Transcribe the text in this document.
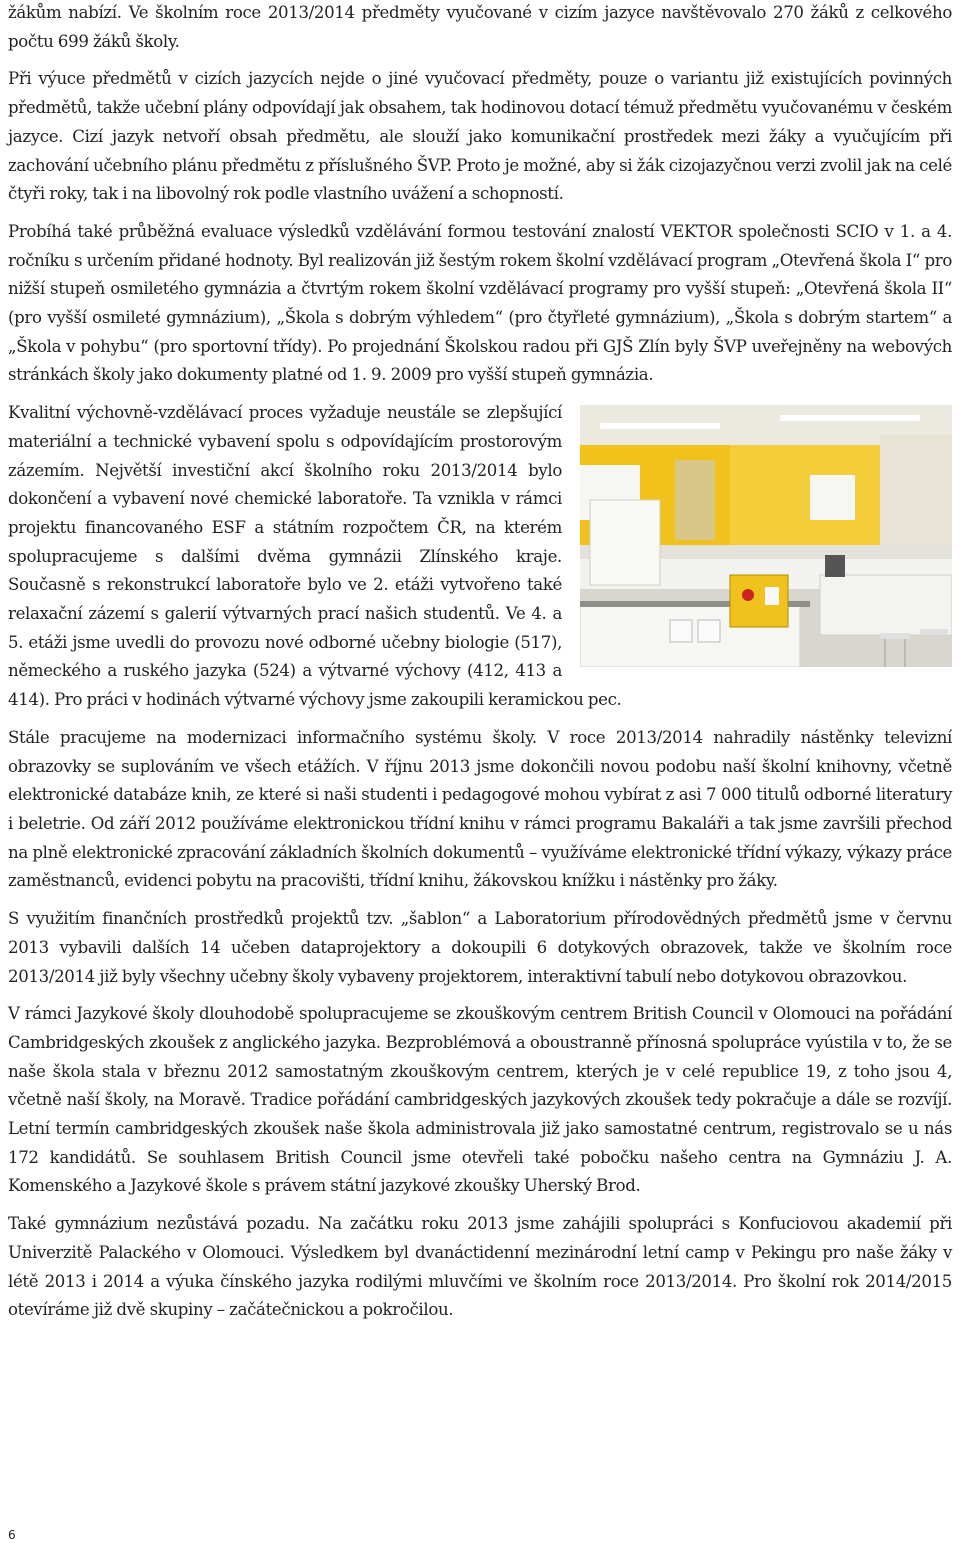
žákům nabízí. Ve školním roce 2013/2014 předměty vyučované v cizím jazyce navštěvovalo 270 žáků z celkového počtu 699 žáků školy.

Při výuce předmětů v cizích jazycích nejde o jiné vyučovací předměty, pouze o variantu již existujících povinných předmětů, takže učební plány odpovídají jak obsahem, tak hodinovou dotací témuž předmětu vyučovanému v českém jazyce. Cizí jazyk netvoří obsah předmětu, ale slouží jako komunikační prostředek mezi žáky a vyučujícím při zachování učebního plánu předmětu z příslušného ŠVP. Proto je možné, aby si žák cizojazyčnou verzi zvolil jak na celé čtyři roky, tak i na libovolný rok podle vlastního uvážení a schopností.

Probíhá také průběžná evaluace výsledků vzdělávání formou testování znalostí VEKTOR společnosti SCIO v 1. a 4. ročníku s určením přidané hodnoty. Byl realizován již šestým rokem školní vzdělávací program „Otevřená škola I“ pro nižší stupeň osmiletého gymnázia a čtvrtým rokem školní vzdělávací programy pro vyšší stupeň: „Otevřená škola II“ (pro vyšší osmileté gymnázium), „Škola s dobrým výhledem“ (pro čtyřleté gymnázium), „Škola s dobrým startem“ a „Škola v pohybu“ (pro sportovní třídy). Po projednání Školskou radou při GJŠ Zlín byly ŠVP uveřejněny na webových stránkách školy jako dokumenty platné od 1. 9. 2009 pro vyšší stupeň gymnázia.

Kvalitní výchovně-vzdělávací proces vyžaduje neustále se zlepšující materiální a technické vybavení spolu s odpovídajícím prostorovým zázemím. Největší investiční akcí školního roku 2013/2014 bylo dokončení a vybavení nové chemické laboratoře. Ta vznikla v rámci projektu financovaného ESF a státním rozpočtem ČR, na kterém spolupracujeme s dalšími dvěma gymnázii Zlínského kraje. Současně s rekonstrukcí laboratoře bylo ve 2. etáži vytvořeno také relaxační zázemí s galerií výtvarných prací našich studentů. Ve 4. a 5. etáži jsme uvedli do provozu nové odborné učebny biologie (517), německého a ruského jazyka (524) a výtvarné výchovy (412, 413 a 414). Pro práci v hodinách výtvarné výchovy jsme zakoupili keramickou pec.

Stále pracujeme na modernizaci informačního systému školy. V roce 2013/2014 nahradily nástěnky televizní obrazovky se suplováním ve všech etážích. V říjnu 2013 jsme dokončili novou podobu naší školní knihovny, včetně elektronické databáze knih, ze které si naši studenti i pedagogové mohou vybírat z asi 7 000 titulů odborné literatury i beletrie. Od září 2012 používáme elektronickou třídní knihu v rámci programu Bakaláři a tak jsme završili přechod na plně elektronické zpracování základních školních dokumentů – využíváme elektronické třídní výkazy, výkazy práce zaměstnanců, evidenci pobytu na pracovišti, třídní knihu, žákovskou knížku i nástěnky pro žáky.

S využitím finančních prostředků projektů tzv. „šablon“ a Laboratorium přírodovědných předmětů jsme v červnu 2013 vybavili dalších 14 učeben dataprojektory a dokoupili 6 dotykových obrazovek, takže ve školním roce 2013/2014 již byly všechny učebny školy vybaveny projektorem, interaktivní tabulí nebo dotykovou obrazovkou.

V rámci Jazykové školy dlouhodobě spolupracujeme se zkouškovým centrem British Council v Olomouci na pořádání Cambridgeských zkoušek z anglického jazyka. Bezproblémová a oboustranně přínosná spolupráce vyústila v to, že se naše škola stala v březnu 2012 samostatným zkouškovým centrem, kterých je v celé republice 19, z toho jsou 4, včetně naší školy, na Moravě. Tradice pořádání cambridgeských jazykových zkoušek tedy pokračuje a dále se rozvíjí. Letní termín cambridgeských zkoušek naše škola administrovala již jako samostatné centrum, registrovalo se u nás 172 kandidátů. Se souhlasem British Council jsme otevřeli také pobočku našeho centra na Gymnáziu J. A. Komenského a Jazykové škole s právem státní jazykové zkoušky Uherský Brod.

Také gymnázium nezůstává pozadu. Na začátku roku 2013 jsme zahájili spolupráci s Konfuciovou akademií při Univerzitě Palackého v Olomouci. Výsledkem byl dvanáctidenní mezinárodní letní camp v Pekingu pro naše žáky v létě 2013 i 2014 a výuka čínského jazyka rodilými mluvčími ve školním roce 2013/2014. Pro školní rok 2014/2015 otevíráme již dvě skupiny – začátečnickou a pokročilou.

6
